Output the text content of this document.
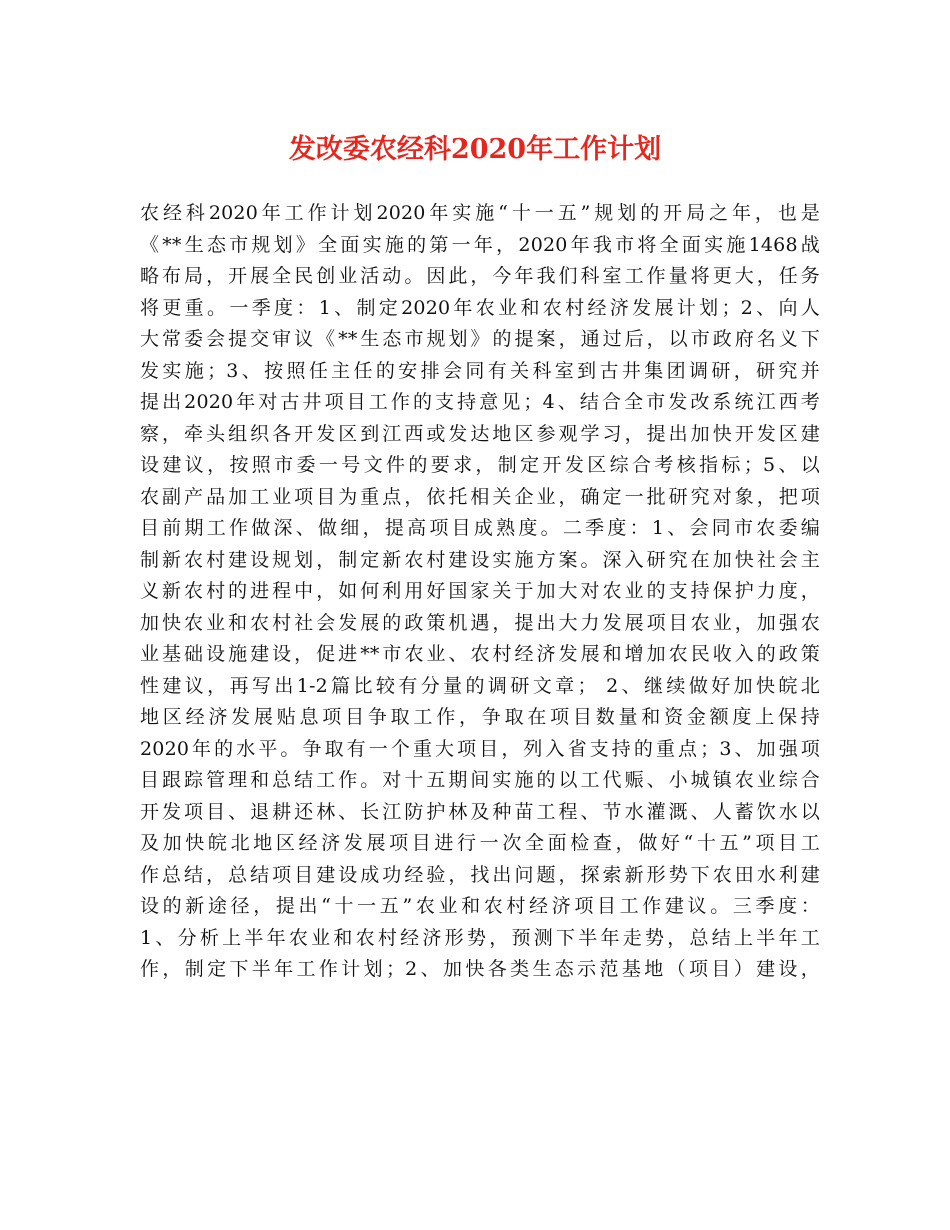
发改委农经科2020年工作计划
农经科2020年工作计划2020年实施“十一五”规划的开局之年，也是
《**生态市规划》全面实施的第一年，2020年我市将全面实施1468战
略布局，开展全民创业活动。因此，今年我们科室工作量将更大，任务
将更重。一季度：1、制定2020年农业和农村经济发展计划；2、向人
大常委会提交审议《**生态市规划》的提案，通过后，以市政府名义下
发实施；3、按照任主任的安排会同有关科室到古井集团调研，研究并
提出2020年对古井项目工作的支持意见；4、结合全市发改系统江西考
察，牵头组织各开发区到江西或发达地区参观学习，提出加快开发区建
设建议，按照市委一号文件的要求，制定开发区综合考核指标；5、以
农副产品加工业项目为重点，依托相关企业，确定一批研究对象，把项
目前期工作做深、做细，提高项目成熟度。二季度：1、会同市农委编
制新农村建设规划，制定新农村建设实施方案。深入研究在加快社会主
义新农村的进程中，如何利用好国家关于加大对农业的支持保护力度，
加快农业和农村社会发展的政策机遇，提出大力发展项目农业，加强农
业基础设施建设，促进**市农业、农村经济发展和增加农民收入的政策
性建议，再写出1-2篇比较有分量的调研文章； 2、继续做好加快皖北
地区经济发展贴息项目争取工作，争取在项目数量和资金额度上保持
2020年的水平。争取有一个重大项目，列入省支持的重点；3、加强项
目跟踪管理和总结工作。对十五期间实施的以工代赈、小城镇农业综合
开发项目、退耕还林、长江防护林及种苗工程、节水灌溉、人蓄饮水以
及加快皖北地区经济发展项目进行一次全面检查，做好“十五”项目工
作总结，总结项目建设成功经验，找出问题，探索新形势下农田水利建
设的新途径，提出“十一五”农业和农村经济项目工作建议。三季度：
1、分析上半年农业和农村经济形势，预测下半年走势，总结上半年工
作，制定下半年工作计划；2、加快各类生态示范基地（项目）建设，
